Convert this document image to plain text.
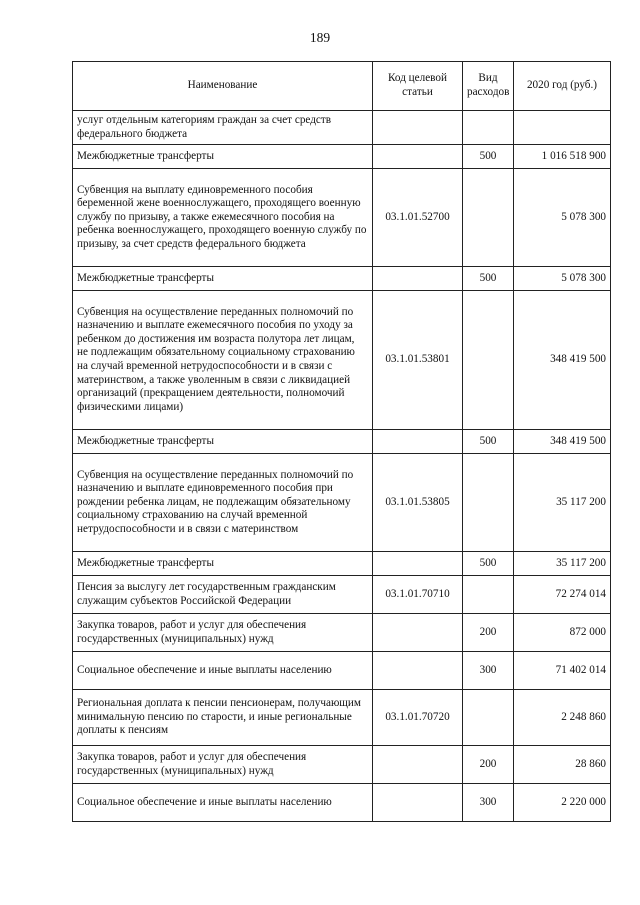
189
Наименование	Код целевой статьи	Вид расходов	2020 год (руб.)
услуг отдельным категориям граждан за счет средств федерального бюджета			
Межбюджетные трансферты		500	1 016 518 900
Субвенция на выплату единовременного пособия беременной жене военнослужащего, проходящего военную службу по призыву, а также ежемесячного пособия на ребенка военнослужащего, проходящего военную службу по призыву, за счет средств федерального бюджета	03.1.01.52700		5 078 300
Межбюджетные трансферты		500	5 078 300
Субвенция на осуществление переданных полномочий по назначению и выплате ежемесячного пособия по уходу за ребенком до достижения им возраста полутора лет лицам, не подлежащим обязательному социальному страхованию на случай временной нетрудоспособности и в связи с материнством, а также уволенным в связи с ликвидацией организаций (прекращением деятельности, полномочий физическими лицами)	03.1.01.53801		348 419 500
Межбюджетные трансферты		500	348 419 500
Субвенция на осуществление переданных полномочий по назначению и выплате единовременного пособия при рождении ребенка лицам, не подлежащим обязательному социальному страхованию на случай временной нетрудоспособности и в связи с материнством	03.1.01.53805		35 117 200
Межбюджетные трансферты		500	35 117 200
Пенсия за выслугу лет государственным гражданским служащим субъектов Российской Федерации	03.1.01.70710		72 274 014
Закупка товаров, работ и услуг для обеспечения государственных (муниципальных) нужд		200	872 000
Социальное обеспечение и иные выплаты населению		300	71 402 014
Региональная доплата к пенсии пенсионерам, получающим минимальную пенсию по старости, и иные региональные доплаты к пенсиям	03.1.01.70720		2 248 860
Закупка товаров, работ и услуг для обеспечения государственных (муниципальных) нужд		200	28 860
Социальное обеспечение и иные выплаты населению		300	2 220 000
